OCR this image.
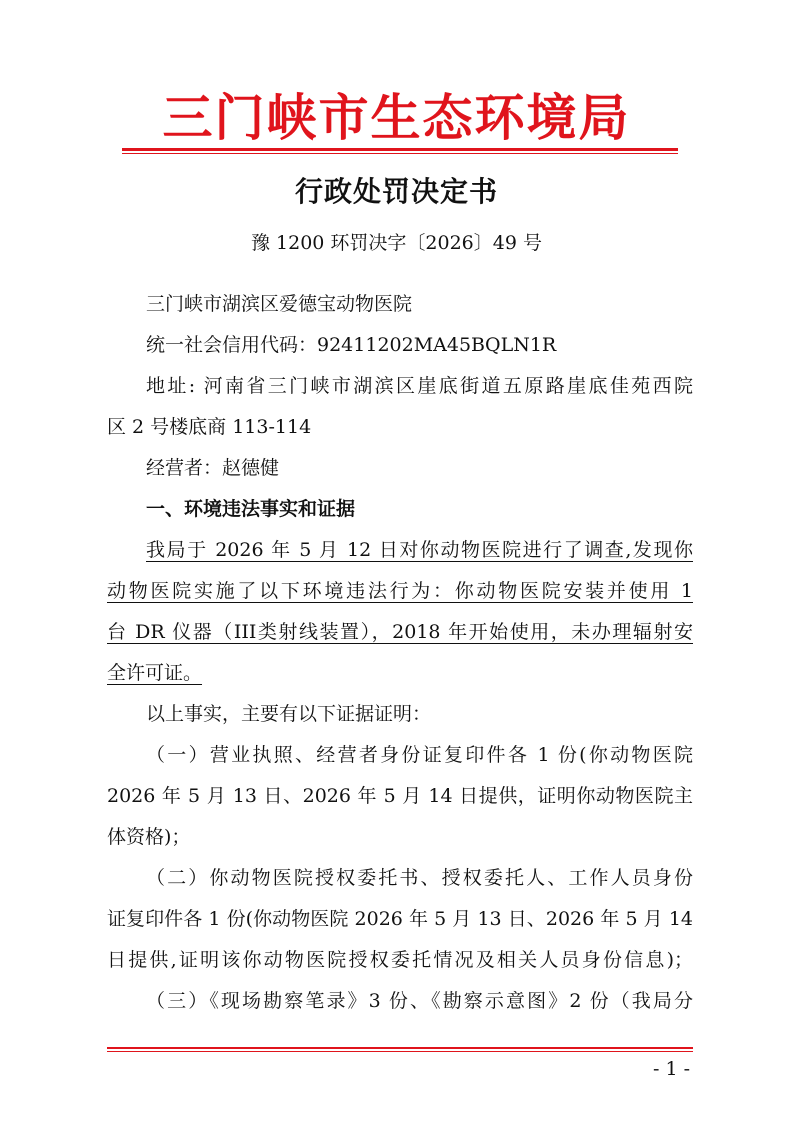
三门峡市生态环境局
行政处罚决定书
豫 1200 环罚决字〔2026〕49 号
三门峡市湖滨区爱德宝动物医院
统一社会信用代码：92411202MA45BQLN1R
地址: 河南省三门峡市湖滨区崖底街道五原路崖底佳苑西院
区 2 号楼底商 113-114
经营者：赵德健
一、环境违法事实和证据
我局于 2026 年 5 月 12 日对你动物医院进行了调查,发现你
动物医院实施了以下环境违法行为：你动物医院安装并使用 1
台 DR 仪器（III类射线装置），2018 年开始使用，未办理辐射安
全许可证。
以上事实，主要有以下证据证明：
（一）营业执照、经营者身份证复印件各 1 份(你动物医院
2026 年 5 月 13 日、2026 年 5 月 14 日提供，证明你动物医院主
体资格)；
（二）你动物医院授权委托书、授权委托人、工作人员身份
证复印件各 1 份(你动物医院 2026 年 5 月 13 日、2026 年 5 月 14
日提供,证明该你动物医院授权委托情况及相关人员身份信息)；
（三）《现场勘察笔录》3 份、《勘察示意图》2 份（我局分
- 1 -
